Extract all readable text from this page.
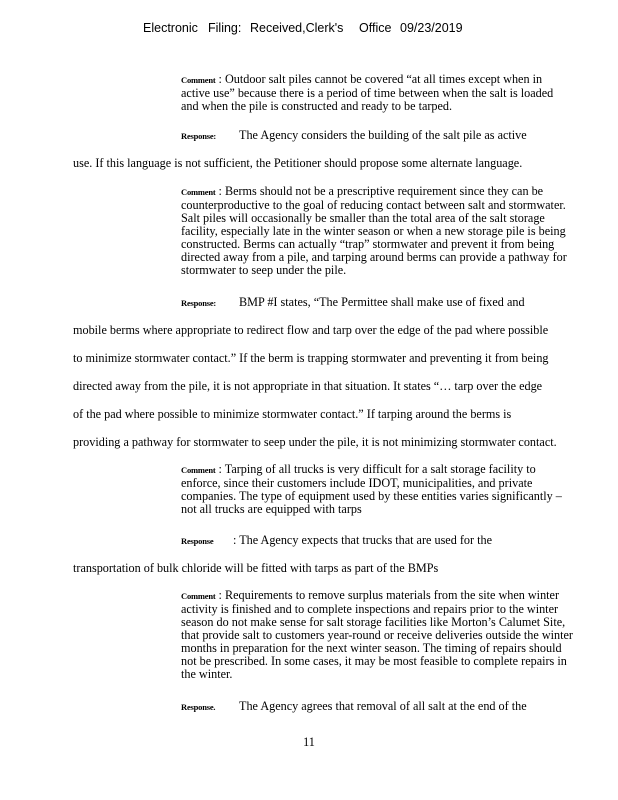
Electronic

Filing:

Received,Clerk's

Office

09/23/2019

Comment : Outdoor salt piles cannot be covered “at all times except when in active use” because there is a period of time between when the salt is loaded and when the pile is constructed and ready to be tarped.
Response: The Agency considers the building of the salt pile as active
use. If this language is not sufficient, the Petitioner should propose some alternate language.
Comment : Berms should not be a prescriptive requirement since they can be counterproductive to the goal of reducing contact between salt and stormwater. Salt piles will occasionally be smaller than the total area of the salt storage facility, especially late in the winter season or when a new storage pile is being constructed. Berms can actually “trap” stormwater and prevent it from being directed away from a pile, and tarping around berms can provide a pathway for stormwater to seep under the pile.
Response: BMP #I states, “The Permittee shall make use of fixed and
mobile berms where appropriate to redirect flow and tarp over the edge of the pad where possible
to minimize stormwater contact.” If the berm is trapping stormwater and preventing it from being
directed away from the pile, it is not appropriate in that situation. It states “… tarp over the edge
of the pad where possible to minimize stormwater contact.” If tarping around the berms is
providing a pathway for stormwater to seep under the pile, it is not minimizing stormwater contact.
Comment : Tarping of all trucks is very difficult for a salt storage facility to enforce, since their customers include IDOT, municipalities, and private companies. The type of equipment used by these entities varies significantly – not all trucks are equipped with tarps
Response : The Agency expects that trucks that are used for the
transportation of bulk chloride will be fitted with tarps as part of the BMPs
Comment : Requirements to remove surplus materials from the site when winter activity is finished and to complete inspections and repairs prior to the winter season do not make sense for salt storage facilities like Morton’s Calumet Site, that provide salt to customers year-round or receive deliveries outside the winter months in preparation for the next winter season. The timing of repairs should not be prescribed. In some cases, it may be most feasible to complete repairs in the winter.
Response. The Agency agrees that removal of all salt at the end of the
11
